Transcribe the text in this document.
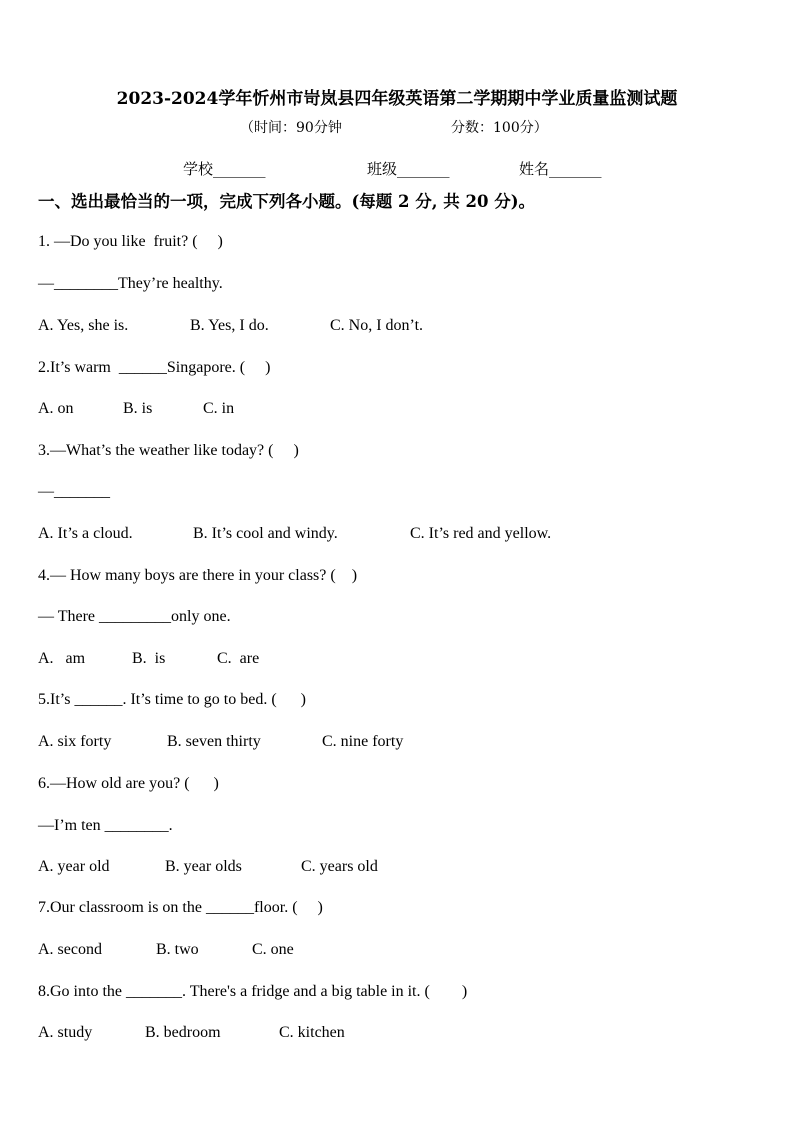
2023-2024学年忻州市岢岚县四年级英语第二学期期中学业质量监测试题
（时间：90分钟	分数：100分）
学校_______	班级_______	姓名_______
一、选出最恰当的一项，完成下列各小题。(每题 2 分, 共 20 分)。
1. —Do you like  fruit? (     )
—________They’re healthy.
A. Yes, she is.	B. Yes, I do.	C. No, I don’t.
2.It’s warm  ______Singapore. (     )
A. on	B. is	C. in
3.—What’s the weather like today? (     )
—_______
A. It’s a cloud.	B. It’s cool and windy.	C. It’s red and yellow.
4.— How many boys are there in your class? (    )
— There _________only one.
A.   am	B.  is	C.  are
5.It’s ______. It’s time to go to bed. (      )
A. six forty	B. seven thirty	C. nine forty
6.—How old are you? (      )
—I’m ten ________.
A. year old	B. year olds	C. years old
7.Our classroom is on the ______floor. (     )
A. second	B. two	C. one
8.Go into the _______. There's a fridge and a big table in it. (        )
A. study	B. bedroom	C. kitchen
